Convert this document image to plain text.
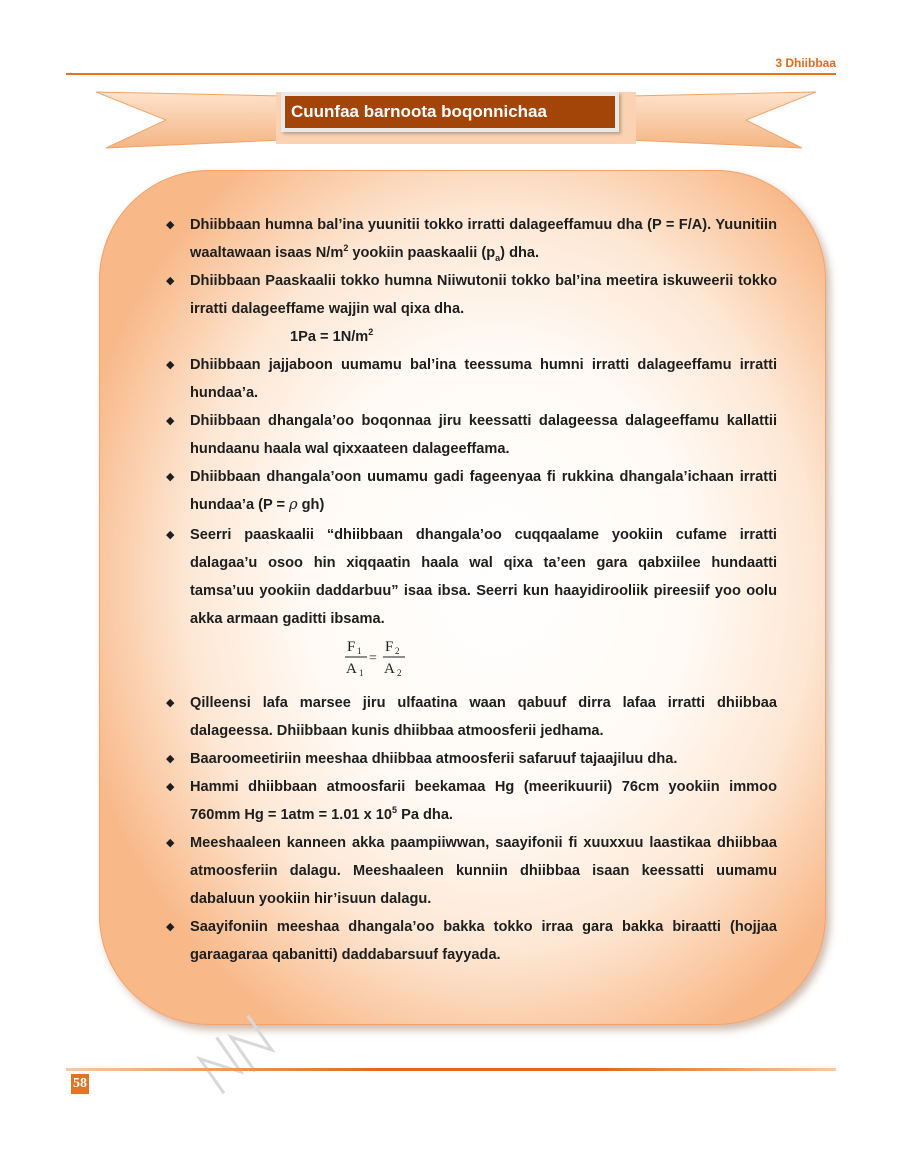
3 Dhiibbaa
Cuunfaa barnoota boqonnichaa
◆ Dhiibbaan humna bal’ina yuunitii tokko irratti dalageeffamuu dha (P = F/A). Yuunitiin waaltawaan isaas $N/m^2$ yookiin paaskaalii $(p_a)$ dha.
◆ Dhiibbaan Paaskaalii tokko humna Niiwutonii tokko bal’ina meetira iskuweerii tokko irratti dalageeffame wajjin wal qixa dha.
$1Pa = 1N/m^2$
◆ Dhiibbaan jajjaboon uumamu bal’ina teessuma humni irratti dalageeffamu irratti hundaa’a.
◆ Dhiibbaan dhangala’oo boqonnaa jiru keessatti dalageessa dalageeffamu kallattii hundaanu haala wal qixxaateen dalageeffama.
◆ Dhiibbaan dhangala’oon uumamu gadi fageenyaa fi rukkina dhangala’ichaan irratti hundaa’a (P = ρ gh)
◆ Seerri paaskaalii “dhiibbaan dhangala’oo cuqqaalame yookiin cufame irratti dalagaa’u osoo hin xiqqaatin haala wal qixa ta’een gara qabxiilee hundaatti tamsa’uu yookiin daddarbuu” isaa ibsa. Seerri kun haayidirooliik pireesiif yoo oolu akka armaan gaditti ibsama.
F 1
A 1
=
F 2
A 2
◆ Qilleensi lafa marsee jiru ulfaatina waan qabuuf dirra lafaa irratti dhiibbaa dalageessa. Dhiibbaan kunis dhiibbaa atmoosferii jedhama.
◆ Baaroomeetiriin meeshaa dhiibbaa atmoosferii safaruuf tajaajiluu dha.
◆ Hammi dhiibbaan atmoosfarii beekamaa Hg (meerikuurii) 76cm yookiin immoo 760mm Hg = 1atm = 1.01 x $10^5$ Pa dha.
◆ Meeshaaleen kanneen akka paampiiwwan, saayifonii fi xuuxxuu laastikaa dhiibbaa atmoosferiin dalagu. Meeshaaleen kunniin dhiibbaa isaan keessatti uumamu dabaluun yookiin hir’isuun dalagu.
◆ Saayifoniin meeshaa dhangala’oo bakka tokko irraa gara bakka biraatti (hojjaa garaagaraa qabanitti) daddabarsuuf fayyada.
58
